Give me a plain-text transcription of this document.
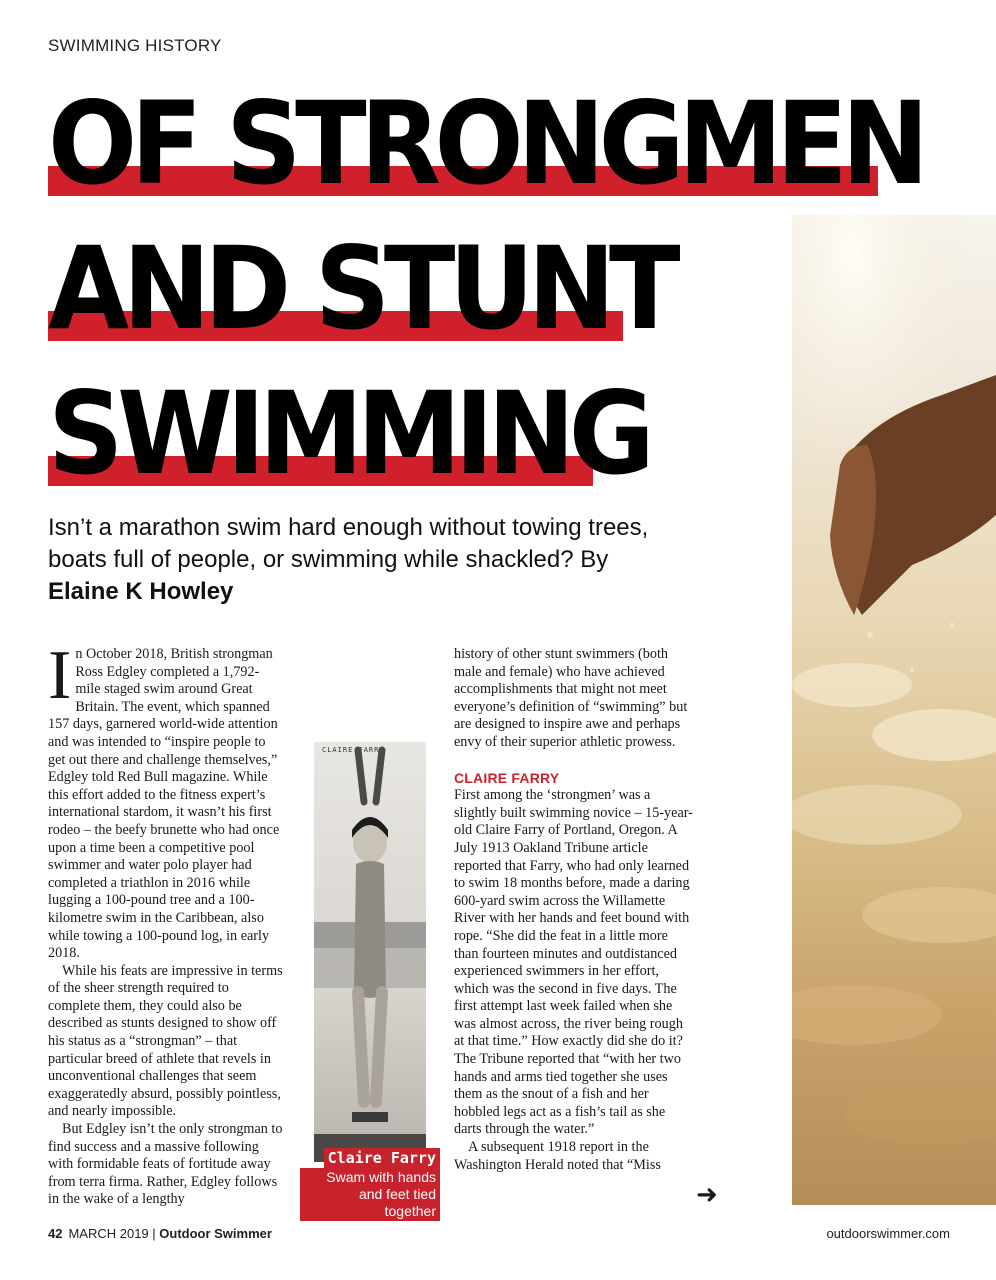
SWIMMING HISTORY
OF STRONGMEN
AND STUNT
SWIMMING
Isn’t a marathon swim hard enough without towing trees, boats full of people, or swimming while shackled? By Elaine K Howley

In October 2018, British strongman Ross Edgley completed a 1,792-mile staged swim around Great Britain. The event, which spanned 157 days, garnered world-wide attention and was intended to “inspire people to get out there and challenge themselves,” Edgley told Red Bull magazine. While this effort added to the fitness expert’s international stardom, it wasn’t his first rodeo – the beefy brunette who had once upon a time been a competitive pool swimmer and water polo player had completed a triathlon in 2016 while lugging a 100-pound tree and a 100-kilometre swim in the Caribbean, also while towing a 100-pound log, in early 2018.

While his feats are impressive in terms of the sheer strength required to complete them, they could also be described as stunts designed to show off his status as a “strongman” – that particular breed of athlete that revels in unconventional challenges that seem exaggeratedly absurd, possibly pointless, and nearly impossible.

But Edgley isn’t the only strongman to find success and a massive following with formidable feats of fortitude away from terra firma. Rather, Edgley follows in the wake of a lengthy

CLAIRE FARRY
Claire Farry
Swam with hands and feet tied together

history of other stunt swimmers (both male and female) who have achieved accomplishments that might not meet everyone’s definition of “swimming” but are designed to inspire awe and perhaps envy of their superior athletic prowess.

CLAIRE FARRY

First among the ‘strongmen’ was a slightly built swimming novice – 15-year-old Claire Farry of Portland, Oregon. A July 1913 Oakland Tribune article reported that Farry, who had only learned to swim 18 months before, made a daring 600-yard swim across the Willamette River with her hands and feet bound with rope. “She did the feat in a little more than fourteen minutes and outdistanced experienced swimmers in her effort, which was the second in five days. The first attempt last week failed when she was almost across, the river being rough at that time.” How exactly did she do it? The Tribune reported that “with her two hands and arms tied together she uses them as the snout of a fish and her hobbled legs act as a fish’s tail as she darts through the water.”

A subsequent 1918 report in the Washington Herald noted that “Miss

➜
42 MARCH 2019 | Outdoor Swimmer	outdoorswimmer.com
